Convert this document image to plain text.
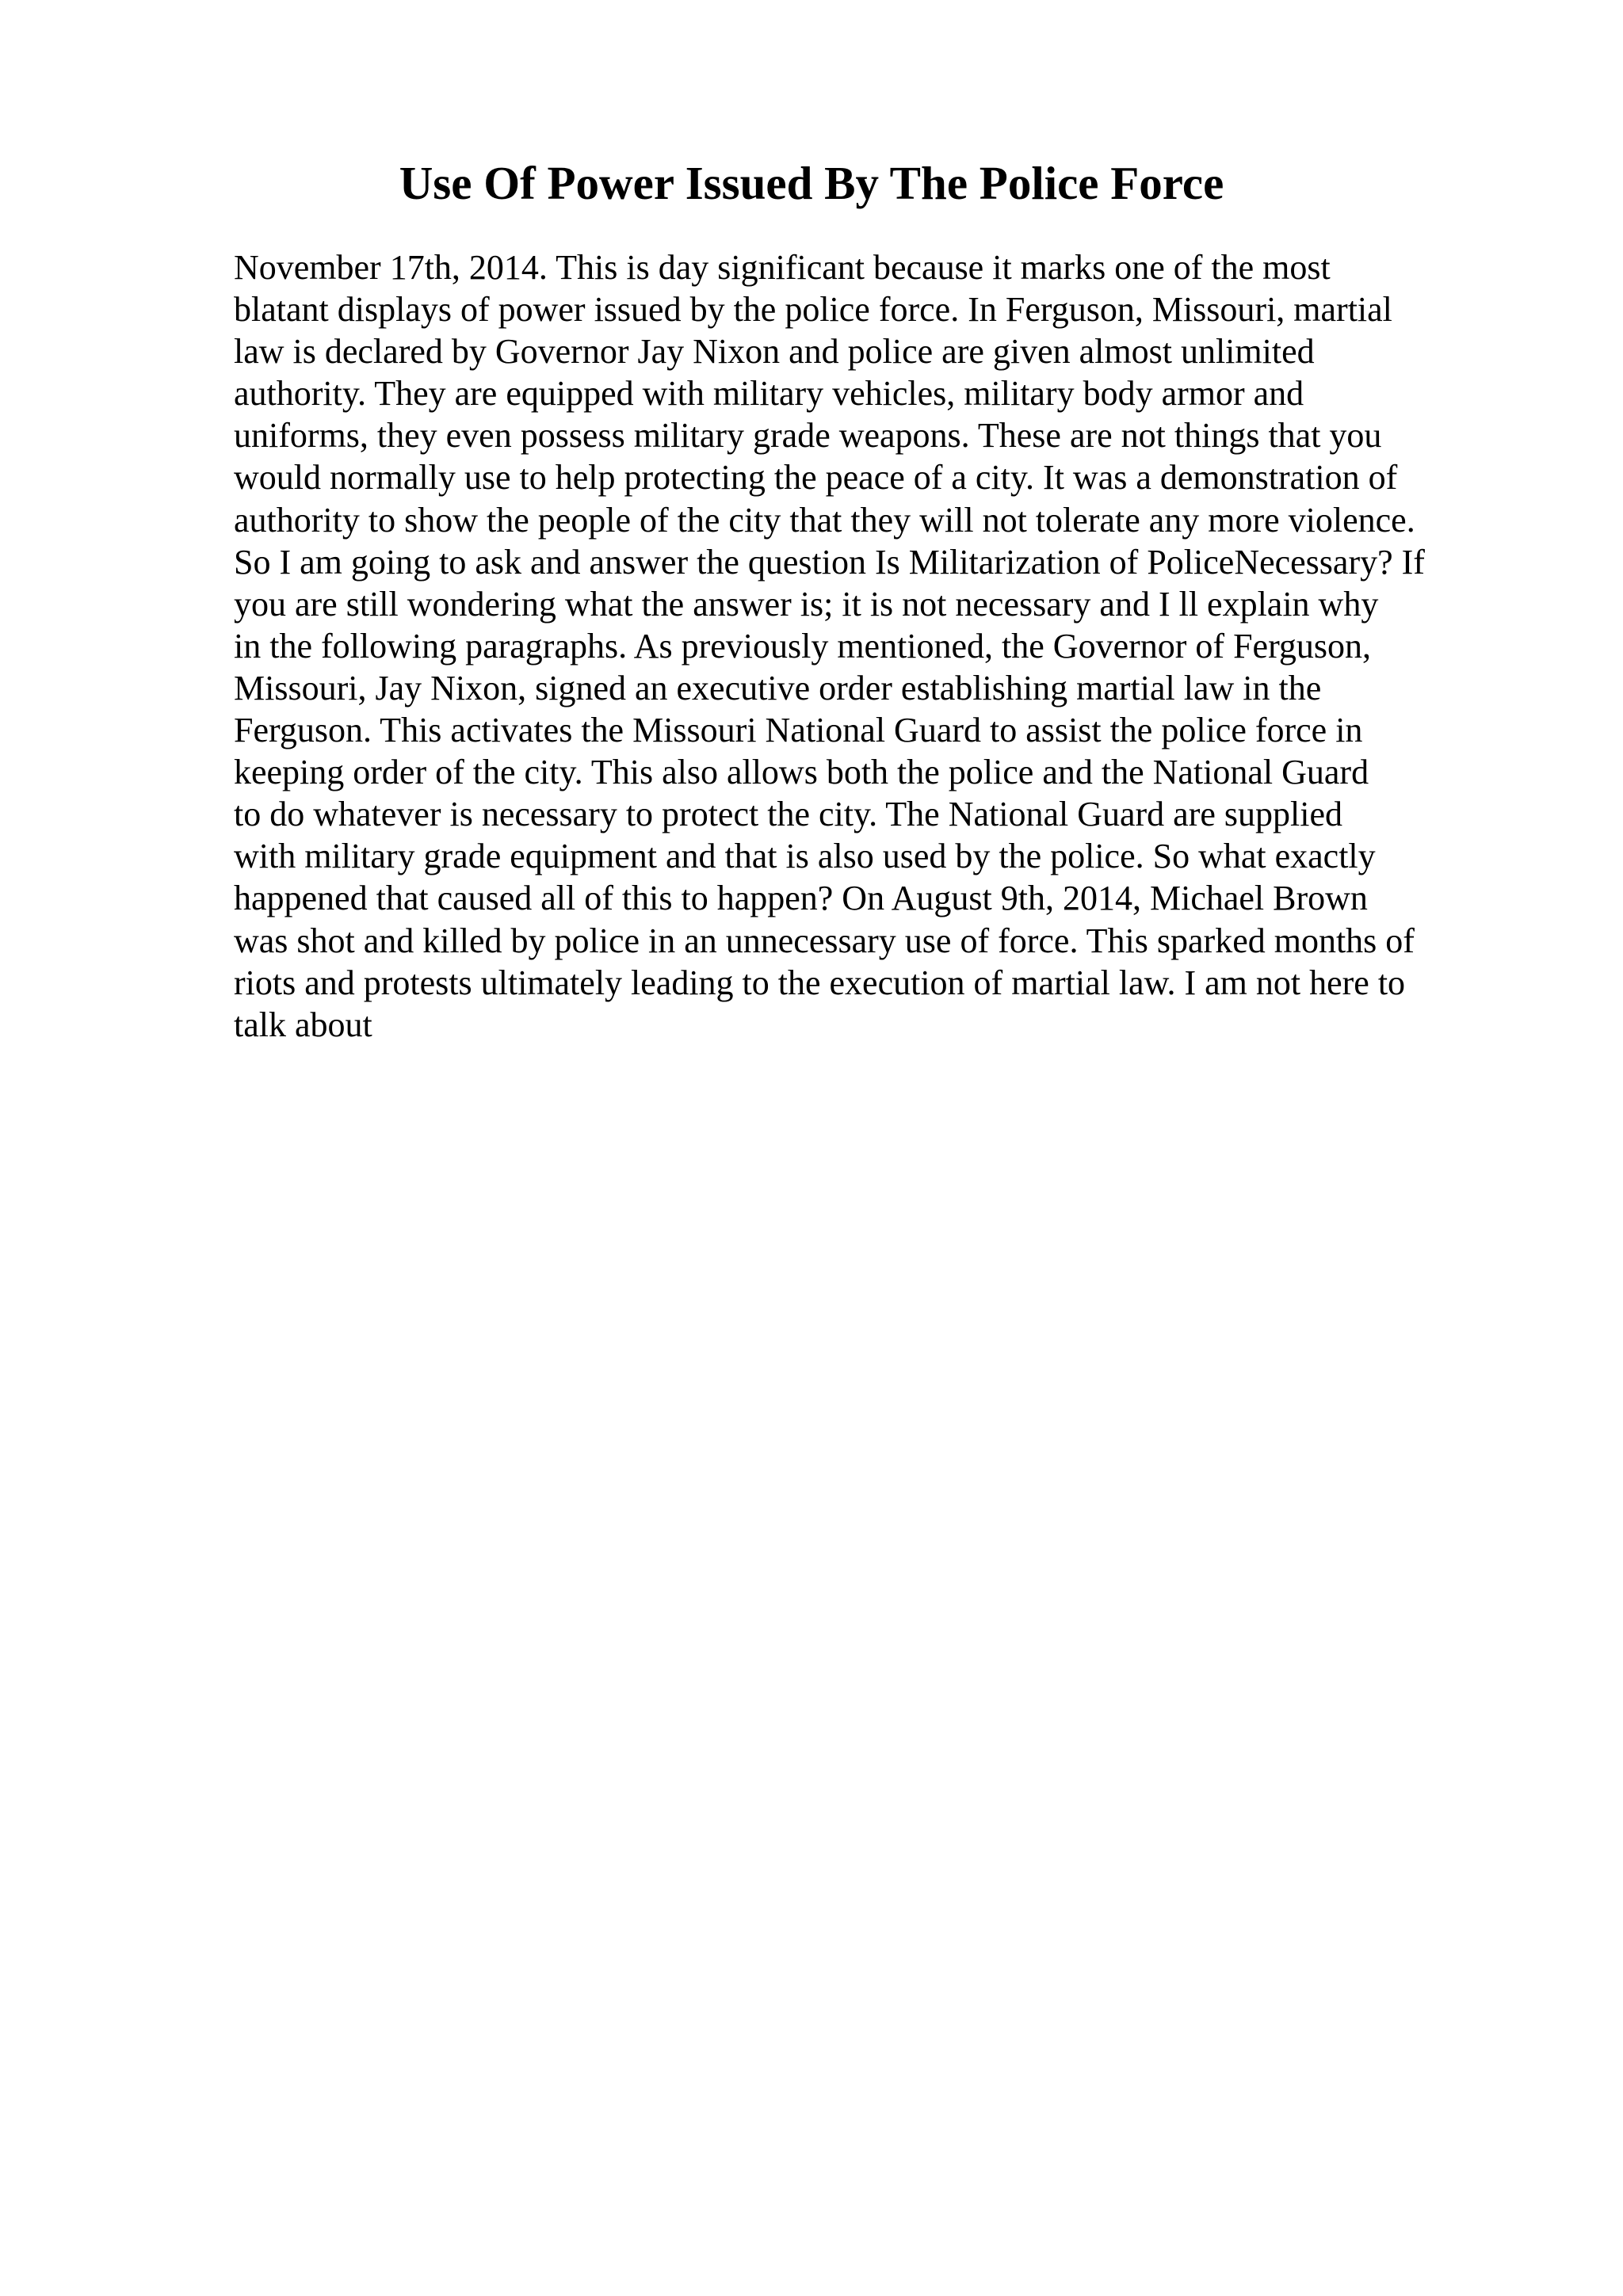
Use Of Power Issued By The Police Force
November 17th, 2014. This is day significant because it marks one of the most
blatant displays of power issued by the police force. In Ferguson, Missouri, martial
law is declared by Governor Jay Nixon and police are given almost unlimited
authority. They are equipped with military vehicles, military body armor and
uniforms, they even possess military grade weapons. These are not things that you
would normally use to help protecting the peace of a city. It was a demonstration of
authority to show the people of the city that they will not tolerate any more violence.
So I am going to ask and answer the question Is Militarization of PoliceNecessary? If
you are still wondering what the answer is; it is not necessary and I ll explain why
in the following paragraphs. As previously mentioned, the Governor of Ferguson,
Missouri, Jay Nixon, signed an executive order establishing martial law in the
Ferguson. This activates the Missouri National Guard to assist the police force in
keeping order of the city. This also allows both the police and the National Guard
to do whatever is necessary to protect the city. The National Guard are supplied
with military grade equipment and that is also used by the police. So what exactly
happened that caused all of this to happen? On August 9th, 2014, Michael Brown
was shot and killed by police in an unnecessary use of force. This sparked months of
riots and protests ultimately leading to the execution of martial law. I am not here to
talk about
